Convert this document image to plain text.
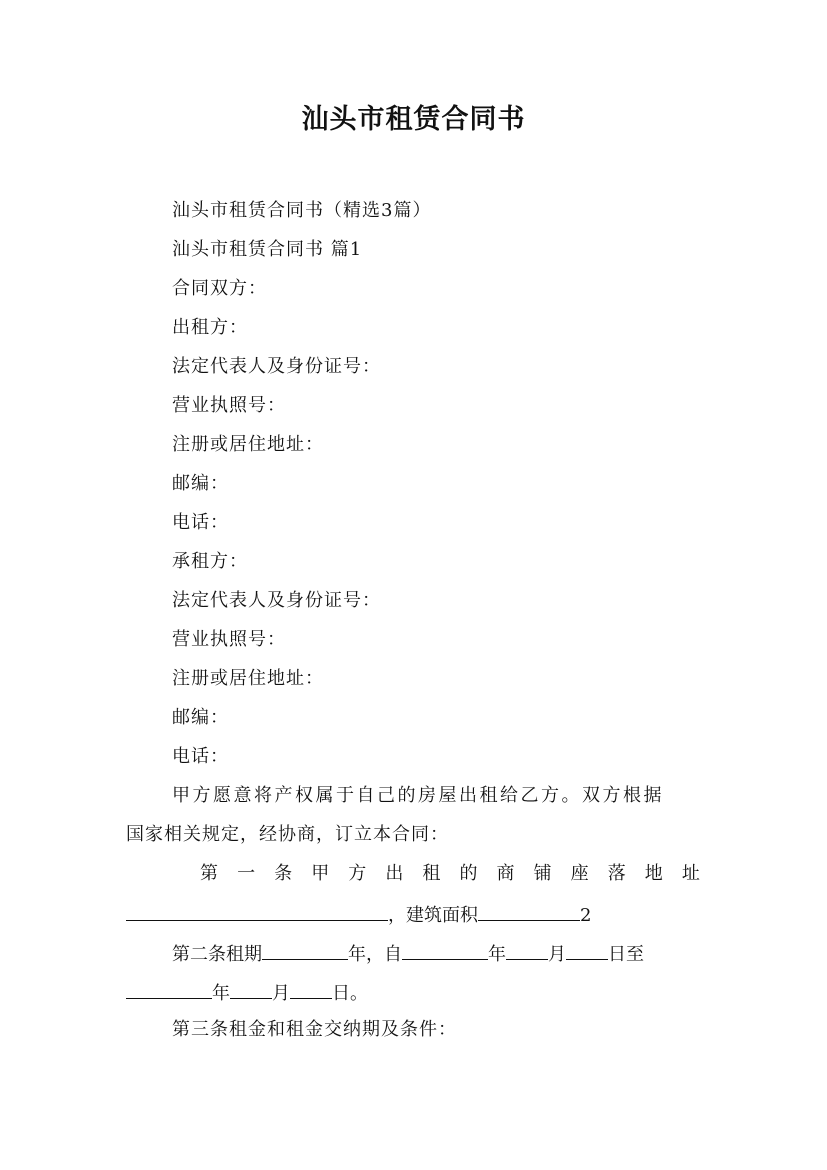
汕头市租赁合同书
汕头市租赁合同书（精选3篇）
汕头市租赁合同书 篇1
合同双方：
出租方：
法定代表人及身份证号：
营业执照号：
注册或居住地址：
邮编：
电话：
承租方：
法定代表人及身份证号：
营业执照号：
注册或居住地址：
邮编：
电话：
甲方愿意将产权属于自己的房屋出租给乙方。双方根据
国家相关规定，经协商，订立本合同：
第 一 条 甲 方 出 租 的 商 铺 座 落 地 址
，建筑面积	2
第二条租期	年，自	年 月 日至
年 月 日。
第三条租金和租金交纳期及条件：
